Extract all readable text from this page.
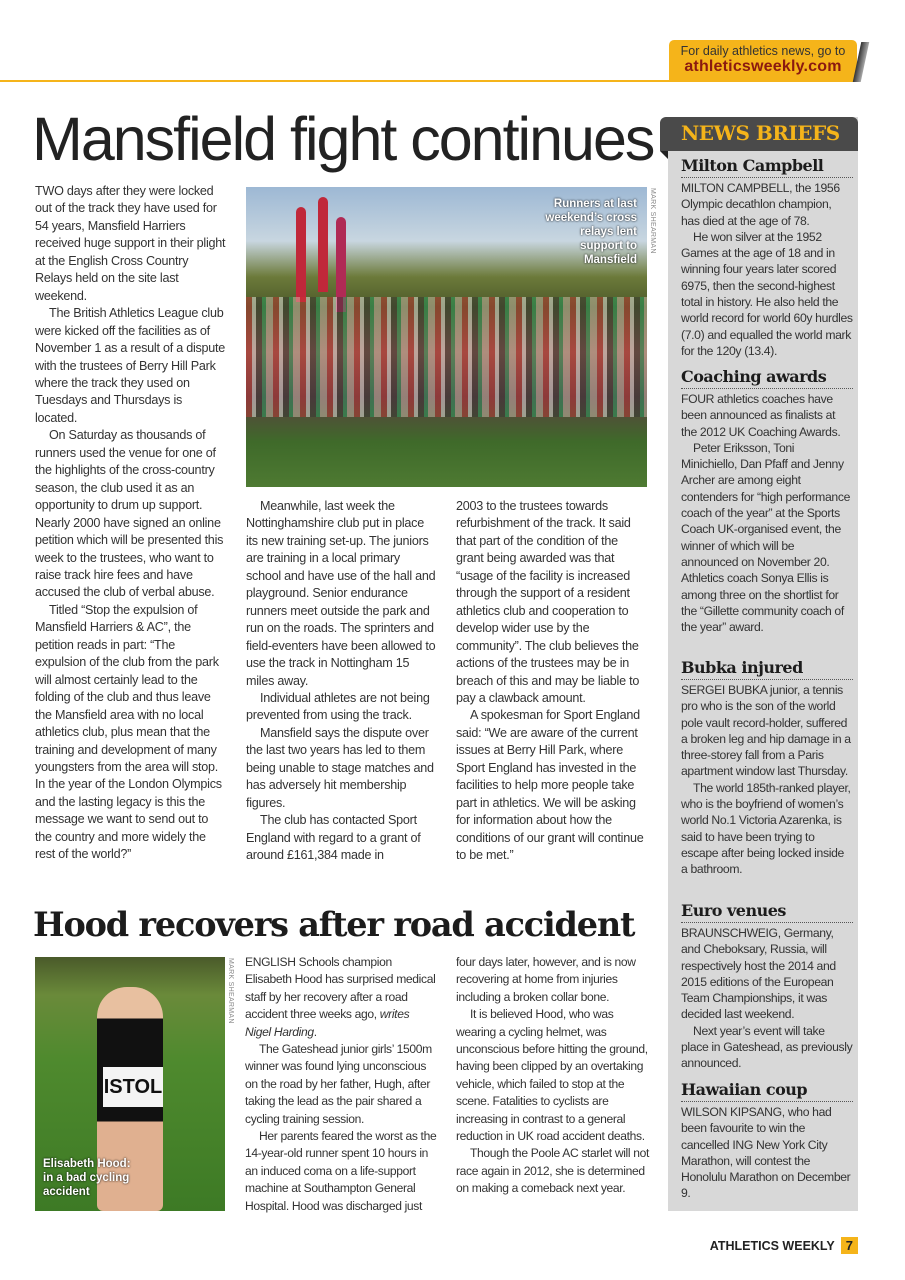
For daily athletics news, go to
athleticsweekly.com
Mansfield fight continues

TWO days after they were locked out of the track they have used for 54 years, Mansfield Harriers received huge support in their plight at the English Cross Country Relays held on the site last weekend.

The British Athletics League club were kicked off the facilities as of November 1 as a result of a dispute with the trustees of Berry Hill Park where the track they used on Tuesdays and Thursdays is located.

On Saturday as thousands of runners used the venue for one of the highlights of the cross-country season, the club used it as an opportunity to drum up support. Nearly 2000 have signed an online petition which will be presented this week to the trustees, who want to raise track hire fees and have accused the club of verbal abuse.

Titled “Stop the expulsion of Mansfield Harriers & AC”, the petition reads in part: “The expulsion of the club from the park will almost certainly lead to the folding of the club and thus leave the Mansfield area with no local athletics club, plus mean that the training and development of many youngsters from the area will stop. In the year of the London Olympics and the lasting legacy is this the message we want to send out to the country and more widely the rest of the world?”

Runners at last weekend’s cross relays lent support to Mansfield
MARK SHEARMAN

Meanwhile, last week the Nottinghamshire club put in place its new training set-up. The juniors are training in a local primary school and have use of the hall and playground. Senior endurance runners meet outside the park and run on the roads. The sprinters and field-eventers have been allowed to use the track in Nottingham 15 miles away.

Individual athletes are not being prevented from using the track.

Mansfield says the dispute over the last two years has led to them being unable to stage matches and has adversely hit membership figures.

The club has contacted Sport England with regard to a grant of around £161,384 made in

2003 to the trustees towards refurbishment of the track. It said that part of the condition of the grant being awarded was that “usage of the facility is increased through the support of a resident athletics club and cooperation to develop wider use by the community”. The club believes the actions of the trustees may be in breach of this and may be liable to pay a clawback amount.

A spokesman for Sport England said: “We are aware of the current issues at Berry Hill Park, where Sport England has invested in the facilities to help more people take part in athletics. We will be asking for information about how the conditions of our grant will continue to be met.”

Hood recovers after road accident
ISTOL
Elisabeth Hood: in a bad cycling accident
MARK SHEARMAN ENGLISH Schools champion Elisabeth Hood has surprised medical staff by her recovery after a road accident three weeks ago, writes Nigel Harding.

The Gateshead junior girls’ 1500m winner was found lying unconscious on the road by her father, Hugh, after taking the lead as the pair shared a cycling training session.

Her parents feared the worst as the 14-year-old runner spent 10 hours in an induced coma on a life-support machine at Southampton General Hospital. Hood was discharged just

four days later, however, and is now recovering at home from injuries including a broken collar bone.

It is believed Hood, who was wearing a cycling helmet, was unconscious before hitting the ground, having been clipped by an overtaking vehicle, which failed to stop at the scene. Fatalities to cyclists are increasing in contrast to a general reduction in UK road accident deaths.

Though the Poole AC starlet will not race again in 2012, she is determined on making a comeback next year.

NEWS BRIEFS
Milton Campbell

MILTON CAMPBELL, the 1956 Olympic decathlon champion, has died at the age of 78.

He won silver at the 1952 Games at the age of 18 and in winning four years later scored 6975, then the second-highest total in history. He also held the world record for world 60y hurdles (7.0) and equalled the world mark for the 120y (13.4).

Coaching awards

FOUR athletics coaches have been announced as finalists at the 2012 UK Coaching Awards.

Peter Eriksson, Toni Minichiello, Dan Pfaff and Jenny Archer are among eight contenders for “high performance coach of the year” at the Sports Coach UK-organised event, the winner of which will be announced on November 20. Athletics coach Sonya Ellis is among three on the shortlist for the “Gillette community coach of the year” award.

Bubka injured

SERGEI BUBKA junior, a tennis pro who is the son of the world pole vault record-holder, suffered a broken leg and hip damage in a three-storey fall from a Paris apartment window last Thursday.

The world 185th-ranked player, who is the boyfriend of women’s world No.1 Victoria Azarenka, is said to have been trying to escape after being locked inside a bathroom.

Euro venues

BRAUNSCHWEIG, Germany, and Cheboksary, Russia, will respectively host the 2014 and 2015 editions of the European Team Championships, it was decided last weekend.

Next year’s event will take place in Gateshead, as previously announced.

Hawaiian coup

WILSON KIPSANG, who had been favourite to win the cancelled ING New York City Marathon, will contest the Honolulu Marathon on December 9.

ATHLETICS WEEKLY 7
